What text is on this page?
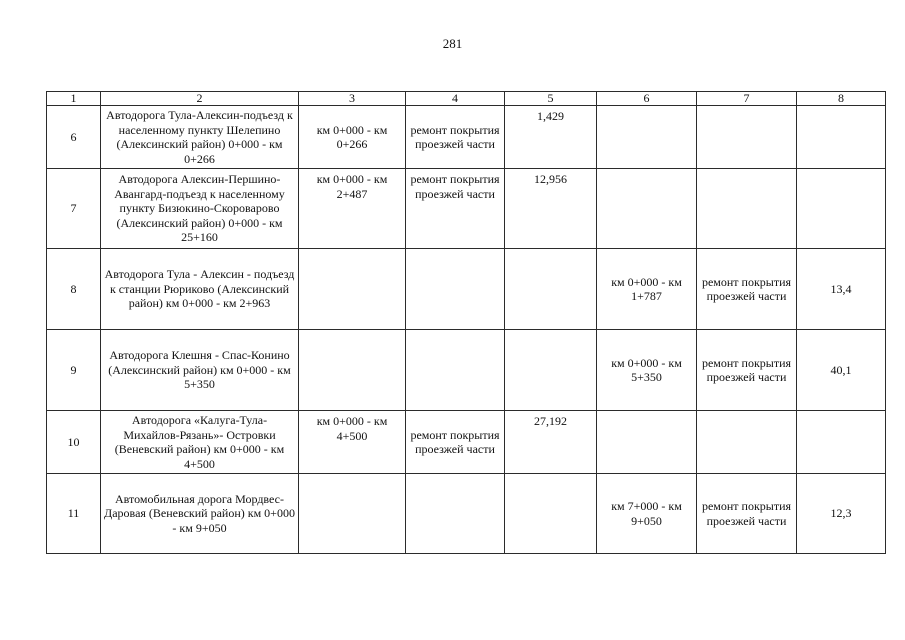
281
1	2	3	4	5	6	7	8
6	Автодорога Тула-Алексин-подъезд к населенному пункту Шелепино (Алексинский район) 0+000 - км 0+266	км 0+000 - км 0+266	ремонт покрытия проезжей части	1,429			
7	Автодорога Алексин-Першино-Авангард-подъезд к населенному пункту Бизюкино-Скороварово (Алексинский район) 0+000 - км 25+160	км 0+000 - км 2+487	ремонт покрытия проезжей части	12,956			
8	Автодорога Тула - Алексин - подъезд к станции Рюриково (Алексинский район) км 0+000 - км 2+963				км 0+000 - км 1+787	ремонт покрытия проезжей части	13,4
9	Автодорога Клешня - Спас-Конино (Алексинский район) км 0+000 - км 5+350				км 0+000 - км 5+350	ремонт покрытия проезжей части	40,1
10	Автодорога «Калуга-Тула-Михайлов-Рязань»- Островки (Веневский район) км 0+000 - км 4+500	км 0+000 - км 4+500	ремонт покрытия проезжей части	27,192			
11	Автомобильная дорога Мордвес-Даровая (Веневский район) км 0+000 - км 9+050				км 7+000 - км 9+050	ремонт покрытия проезжей части	12,3
